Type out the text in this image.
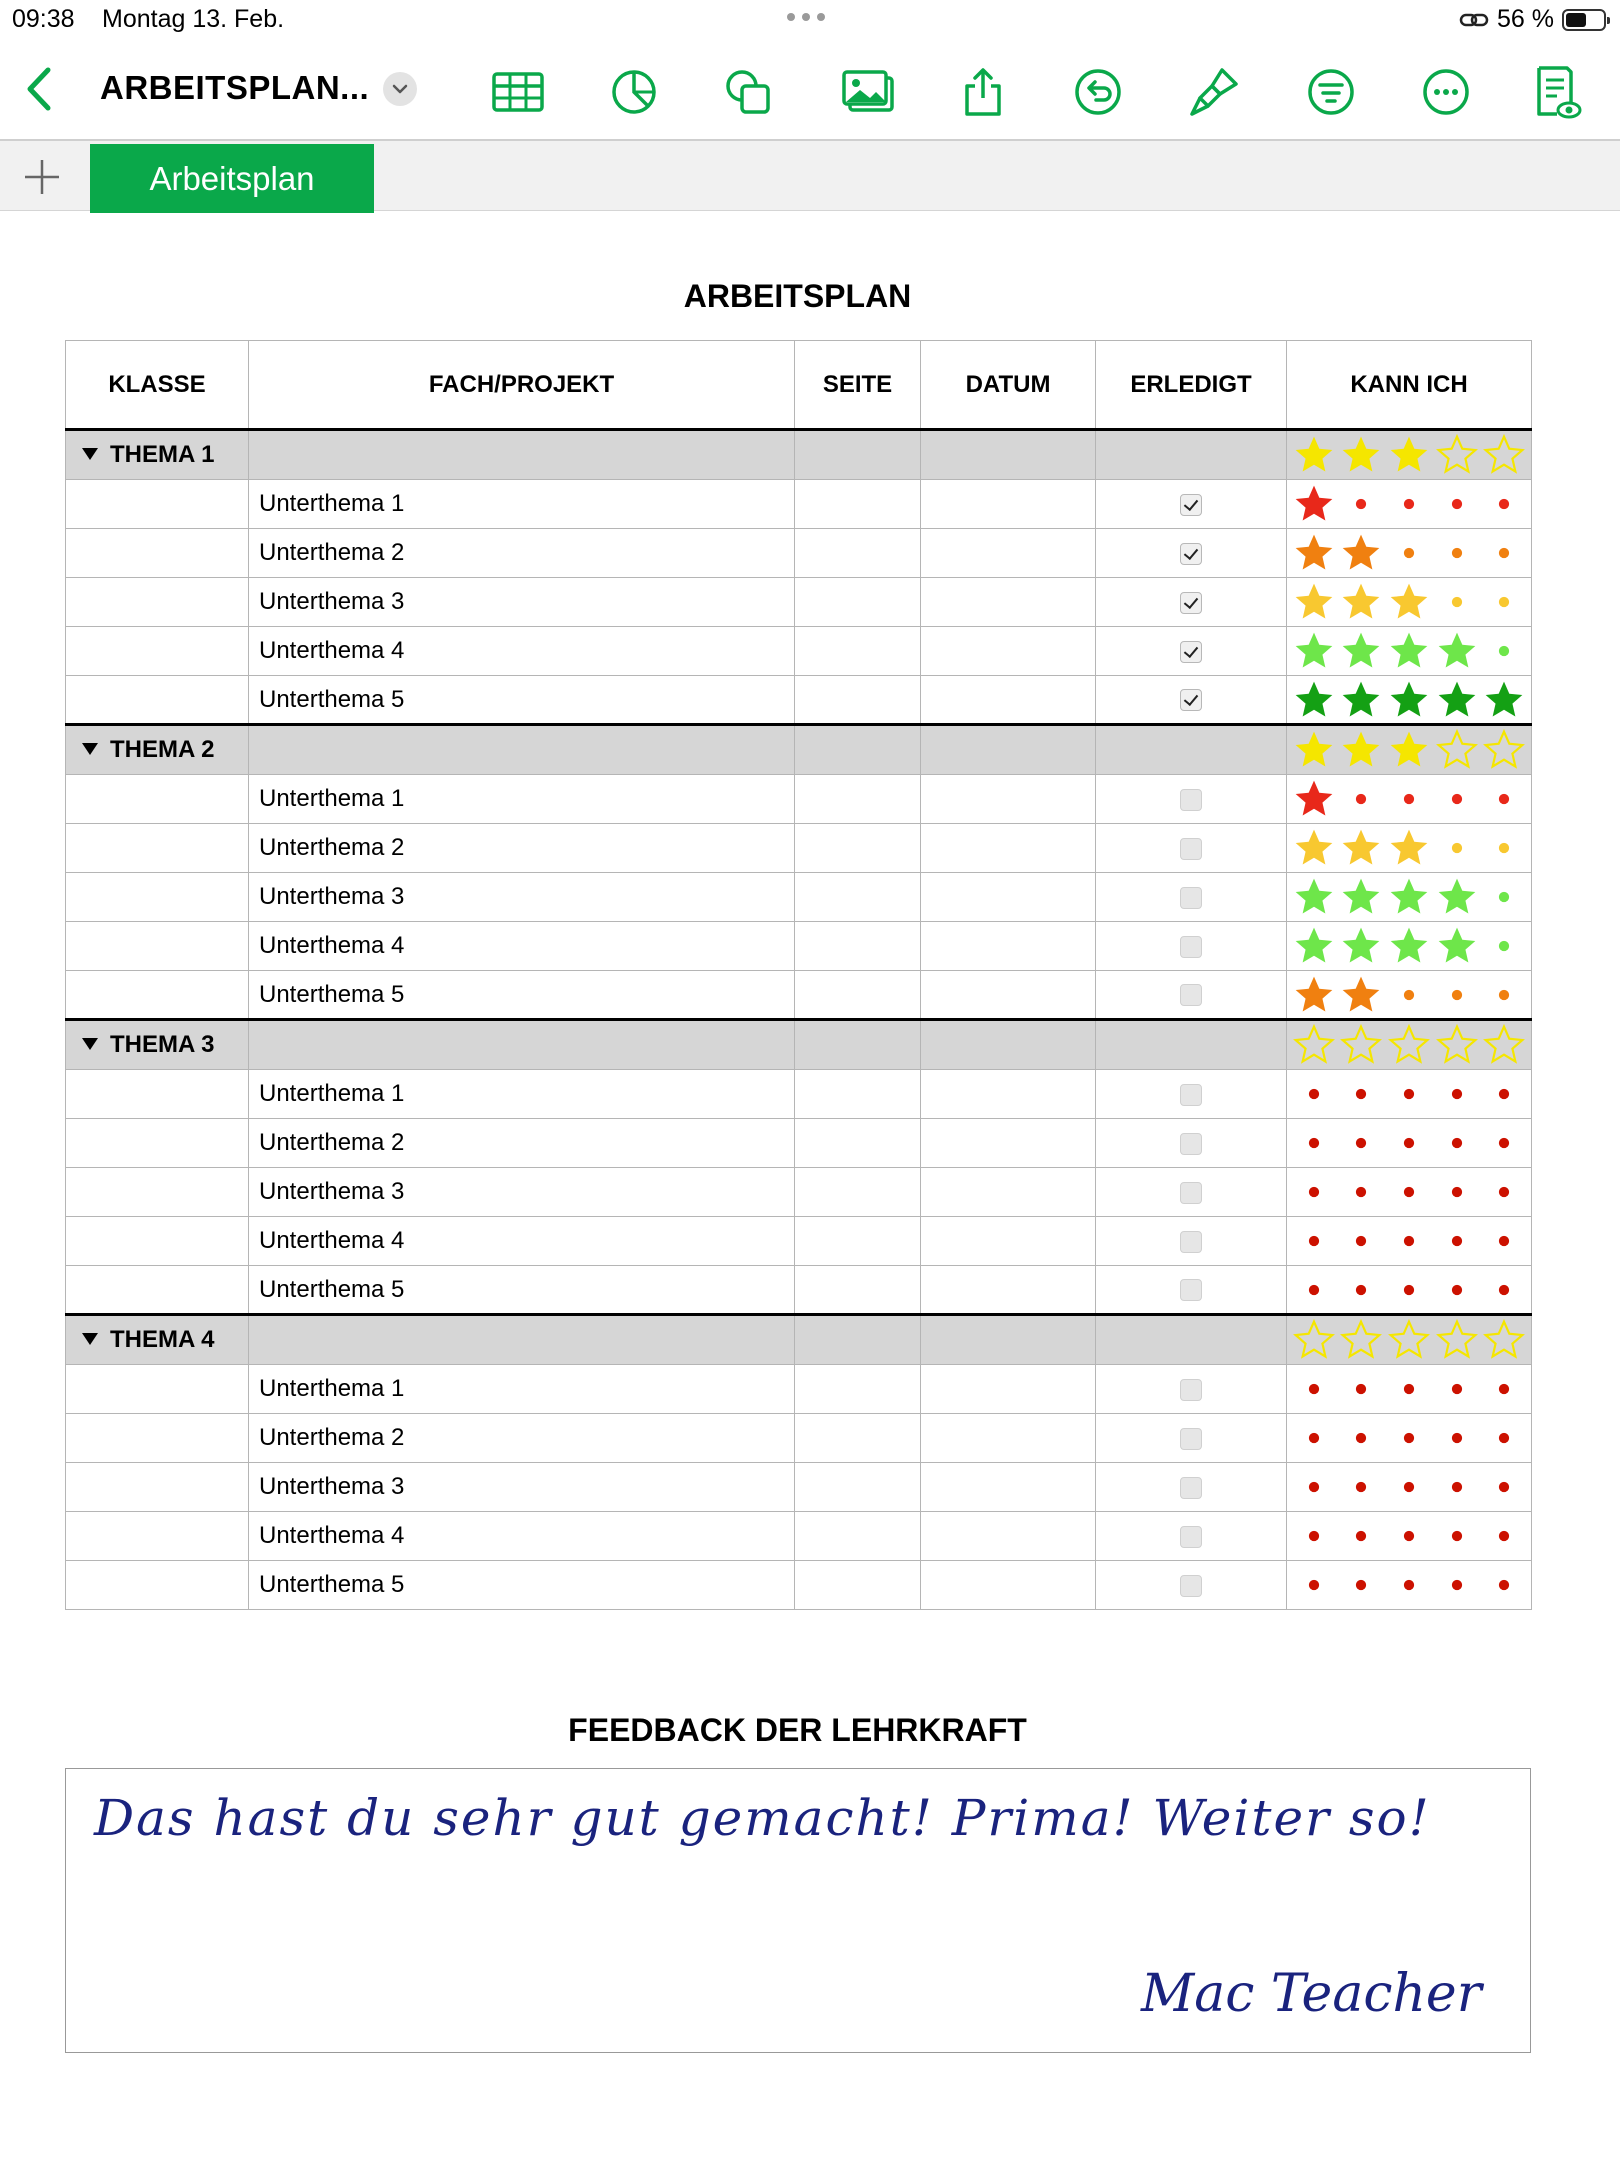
09:38 Montag 13. Feb.	56 %
ARBEITSPLAN...
Arbeitsplan
ARBEITSPLAN
KLASSE	FACH/PROJEKT	SEITE	DATUM	ERLEDIGT	KANN ICH
THEMA 1					

	Unterthema 1				

	Unterthema 2				

	Unterthema 3				

	Unterthema 4				

	Unterthema 5				

THEMA 2					

	Unterthema 1				

	Unterthema 2				

	Unterthema 3				

	Unterthema 4				

	Unterthema 5				

THEMA 3					

	Unterthema 1				

	Unterthema 2				

	Unterthema 3				

	Unterthema 4				

	Unterthema 5				

THEMA 4					

	Unterthema 1				

	Unterthema 2				

	Unterthema 3				

	Unterthema 4				

	Unterthema 5				
FEEDBACK DER LEHRKRAFT
Das hast du sehr gut gemacht! Prima! Weiter so!
Mac Teacher
